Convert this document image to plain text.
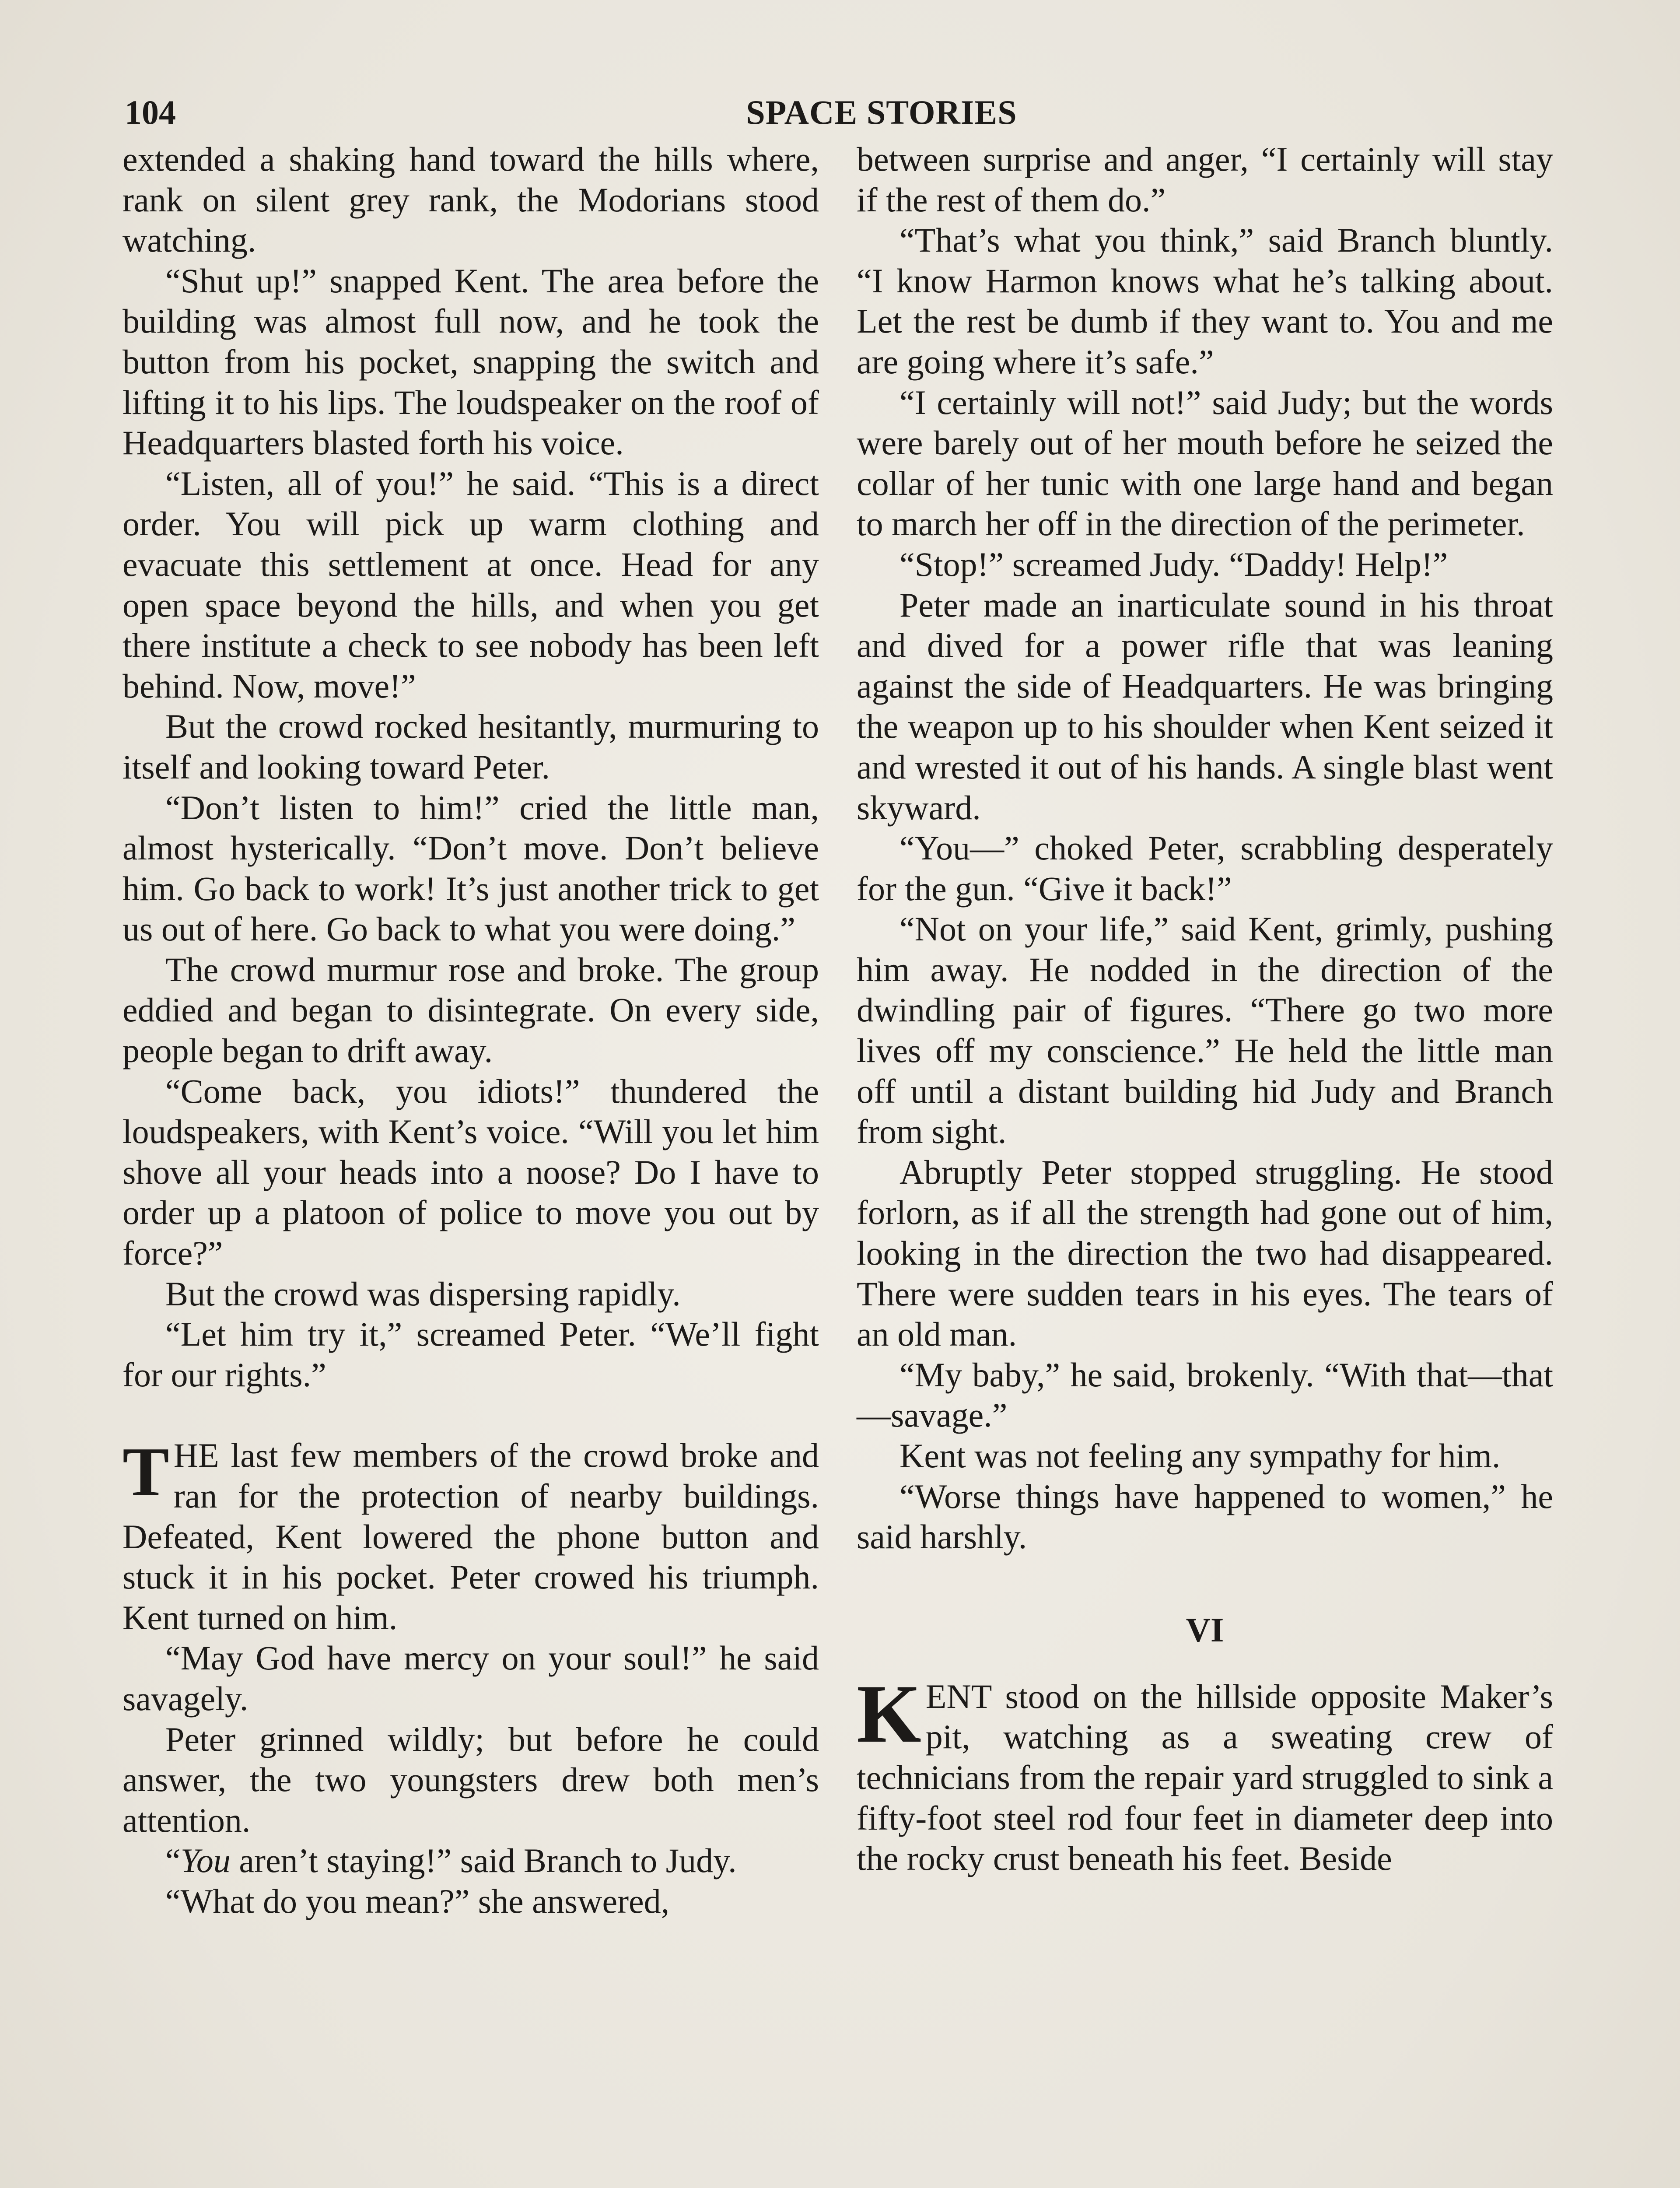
104	SPACE STORIES

extended a shaking hand toward the hills where, rank on silent grey rank, the Modorians stood watching.

“Shut up!” snapped Kent. The area before the building was almost full now, and he took the button from his pocket, snapping the switch and lifting it to his lips. The loudspeaker on the roof of Headquarters blasted forth his voice.

“Listen, all of you!” he said. “This is a direct order. You will pick up warm clothing and evacuate this settlement at once. Head for any open space beyond the hills, and when you get there institute a check to see nobody has been left behind. Now, move!”

But the crowd rocked hesitantly, murmuring to itself and looking toward Peter.

“Don’t listen to him!” cried the little man, almost hysterically. “Don’t move. Don’t believe him. Go back to work! It’s just another trick to get us out of here. Go back to what you were doing.”

The crowd murmur rose and broke. The group eddied and began to disintegrate. On every side, people began to drift away.

“Come back, you idiots!” thundered the loudspeakers, with Kent’s voice. “Will you let him shove all your heads into a noose? Do I have to order up a platoon of police to move you out by force?”

But the crowd was dispersing rapidly.

“Let him try it,” screamed Peter. “We’ll fight for our rights.”

THE last few members of the crowd broke and ran for the protection of nearby buildings. Defeated, Kent lowered the phone button and stuck it in his pocket. Peter crowed his triumph. Kent turned on him.

“May God have mercy on your soul!” he said savagely.

Peter grinned wildly; but before he could answer, the two youngsters drew both men’s attention.

“You aren’t staying!” said Branch to Judy.

“What do you mean?” she answered,

between surprise and anger, “I certainly will stay if the rest of them do.”

“That’s what you think,” said Branch bluntly. “I know Harmon knows what he’s talking about. Let the rest be dumb if they want to. You and me are going where it’s safe.”

“I certainly will not!” said Judy; but the words were barely out of her mouth before he seized the collar of her tunic with one large hand and began to march her off in the direction of the perimeter.

“Stop!” screamed Judy. “Daddy! Help!”

Peter made an inarticulate sound in his throat and dived for a power rifle that was leaning against the side of Headquarters. He was bringing the weapon up to his shoulder when Kent seized it and wrested it out of his hands. A single blast went skyward.

“You—” choked Peter, scrabbling desperately for the gun. “Give it back!”

“Not on your life,” said Kent, grimly, pushing him away. He nodded in the direction of the dwindling pair of figures. “There go two more lives off my conscience.” He held the little man off until a distant building hid Judy and Branch from sight.

Abruptly Peter stopped struggling. He stood forlorn, as if all the strength had gone out of him, looking in the direction the two had disappeared. There were sudden tears in his eyes. The tears of an old man.

“My baby,” he said, brokenly. “With that—that—savage.”

Kent was not feeling any sympathy for him.

“Worse things have happened to women,” he said harshly.

VI

KENT stood on the hillside opposite Maker’s pit, watching as a sweating crew of technicians from the repair yard struggled to sink a fifty-foot steel rod four feet in diameter deep into the rocky crust beneath his feet. Beside
